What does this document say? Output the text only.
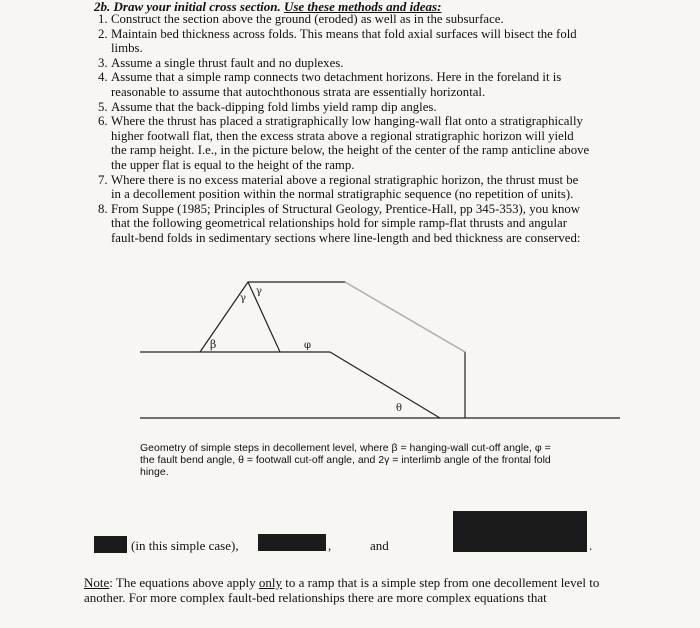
2b. Draw your initial cross section. Use these methods and ideas:
1. Construct the section above the ground (eroded) as well as in the subsurface.
2. Maintain bed thickness across folds. This means that fold axial surfaces will bisect the fold limbs.
3. Assume a single thrust fault and no duplexes.
4. Assume that a simple ramp connects two detachment horizons. Here in the foreland it is reasonable to assume that autochthonous strata are essentially horizontal.
5. Assume that the back-dipping fold limbs yield ramp dip angles.
6. Where the thrust has placed a stratigraphically low hanging-wall flat onto a stratigraphically higher footwall flat, then the excess strata above a regional stratigraphic horizon will yield the ramp height. I.e., in the picture below, the height of the center of the ramp anticline above the upper flat is equal to the height of the ramp.
7. Where there is no excess material above a regional stratigraphic horizon, the thrust must be in a decollement position within the normal stratigraphic sequence (no repetition of units).
8. From Suppe (1985; Principles of Structural Geology, Prentice-Hall, pp 345-353), you know that the following geometrical relationships hold for simple ramp-flat thrusts and angular fault-bend folds in sedimentary sections where line-length and bed thickness are conserved:
β
γ
γ
φ
θ
Geometry of simple steps in decollement level, where β = hanging-wall cut-off angle, φ = the fault bend angle, θ = footwall cut-off angle, and 2γ = interlimb angle of the frontal fold hinge.
(in this simple case),	,	and	.
Note: The equations above apply only to a ramp that is a simple step from one decollement level to another. For more complex fault-bed relationships there are more complex equations that
